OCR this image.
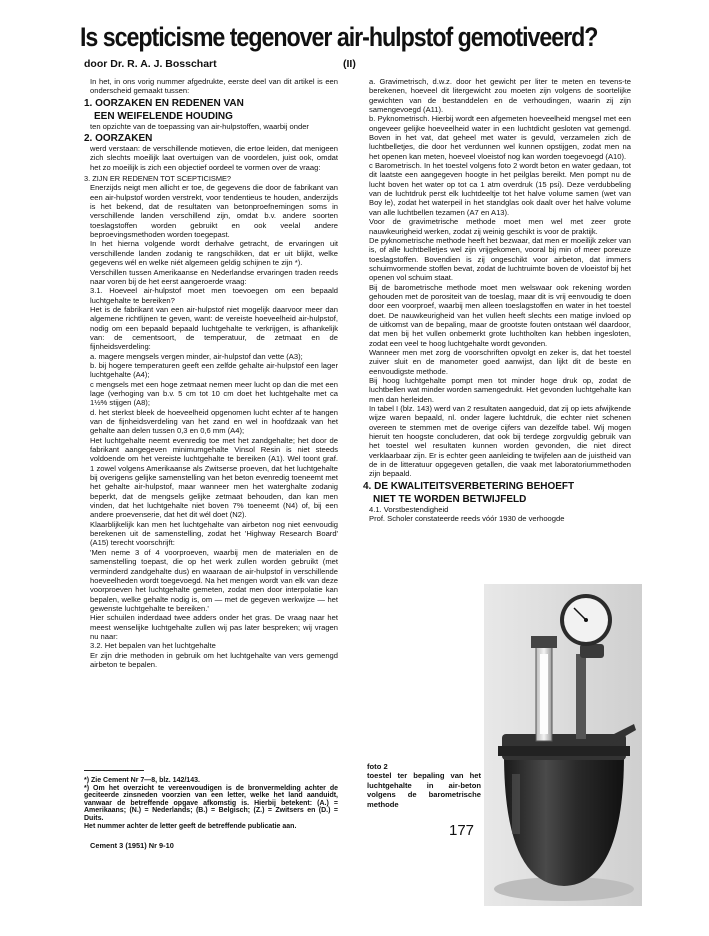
Is scepticisme tegenover air-hulpstof gemotiveerd?
door Dr. R. A. J. Bosschart	(II)

In het, in ons vorig nummer afgedrukte, eerste deel van dit artikel is een onderscheid gemaakt tussen:

1. OORZAKEN EN REDENEN VAN
EEN WEIFELENDE HOUDING

ten opzichte van de toepassing van air-hulpstoffen, waarbij onder

2. OORZAKEN

werd verstaan: de verschillende motieven, die ertoe leiden, dat menigeen zich slechts moeilijk laat overtuigen van de voordelen, juist ook, omdat het zo moeilijk is zich een objectief oordeel te vormen over de vraag:

3. ZIJN ER REDENEN TOT SCEPTICISME?

Enerzijds neigt men allicht er toe, de gegevens die door de fabrikant van een air-hulpstof worden verstrekt, voor tendentieus te houden, anderzijds is het bekend, dat de resultaten van betonproefnemingen soms in verschillende landen verschillend zijn, omdat b.v. andere soorten toeslagstoffen worden gebruikt en ook veelal andere beproevingsmethoden worden toegepast.

In het hierna volgende wordt derhalve getracht, de ervaringen uit verschillende landen zodanig te rangschikken, dat er uit blijkt, welke gegevens wél en welke niét algemeen geldig schijnen te zijn *).

Verschillen tussen Amerikaanse en Nederlandse ervaringen traden reeds naar voren bij de het eerst aangeroerde vraag:

3.1. Hoeveel air-hulpstof moet men toevoegen om een bepaald luchtgehalte te bereiken?

Het is de fabrikant van een air-hulpstof niet mogelijk daarvoor meer dan algemene richtlijnen te geven, want: de vereiste hoeveelheid air-hulpstof, nodig om een bepaald bepaald luchtgehalte te verkrijgen, is afhankelijk van: de cementsoort, de temperatuur, de zetmaat en de fijnheidsverdeling:

a. magere mengsels vergen minder, air-hulpstof dan vette (A3);

b. bij hogere temperaturen geeft een zelfde gehalte air-hulpstof een lager luchtgehalte (A4);

c mengsels met een hoge zetmaat nemen meer lucht op dan die met een lage (verhoging van b.v. 5 cm tot 10 cm doet het luchtgehalte met ca 1½% stijgen (A8);

d. het sterkst bleek de hoeveelheid opgenomen lucht echter af te hangen van de fijnheidsverdeling van het zand en wel in hoofdzaak van het gehalte aan delen tussen 0,3 en 0,6 mm (A4);

Het luchtgehalte neemt evenredig toe met het zandgehalte; het door de fabrikant aangegeven minimumgehalte Vinsol Resin is niet steeds voldoende om het vereiste luchtgehalte te bereiken (A1). Wel toont graf. 1 zowel volgens Amerikaanse als Zwitserse proeven, dat het luchtgehalte bij overigens gelijke samenstelling van het beton evenredig toeneemt met het gehalte air-hulpstof, maar wanneer men het waterghalte zodanig beperkt, dat de mengsels gelijke zetmaat behouden, dan kan men vinden, dat het luchtgehalte niet boven 7% toeneemt (N4) of, bij een andere proevenserie, dat het dit wél doet (N2).

Klaarblijkelijk kan men het luchtgehalte van airbeton nog niet eenvoudig berekenen uit de samenstelling, zodat het 'Highway Research Board' (A15) terecht voorschrijft:

'Men neme 3 of 4 voorproeven, waarbij men de materialen en de samenstelling toepast, die op het werk zullen worden gebruikt (met verminderd zandgehalte dus) en waaraan de air-hulpstof in verschillende hoeveelheden wordt toegevoegd. Na het mengen wordt van elk van deze voorproeven het luchtgehalte gemeten, zodat men door interpolatie kan bepalen, welke gehalte nodig is, om — met de gegeven werkwijze — het gewenste luchtgehalte te bereiken.'

Hier schuilen inderdaad twee adders onder het gras. De vraag naar het meest wenselijke luchtgehalte zullen wij pas later bespreken; wij vragen nu naar:

3.2. Het bepalen van het luchtgehalte

Er zijn drie methoden in gebruik om het luchtgehalte van vers gemengd airbeton te bepalen.

*) Zie Cement Nr 7—8, blz. 142/143.

*) Om het overzicht te vereenvoudigen is de bronvermelding achter de geciteerde zinsneden voorzien van een letter, welke het land aanduidt, vanwaar de betreffende opgave afkomstig is. Hierbij betekent: (A.) = Amerikaans; (N.) = Nederlands; (B.) = Belgisch; (Z.) = Zwitsers en (D.) = Duits.

Het nummer achter de letter geeft de betreffende publicatie aan.

a. Gravimetrisch, d.w.z. door het gewicht per liter te meten en tevens-te berekenen, hoeveel dit litergewicht zou moeten zijn volgens de soortelijke gewichten van de bestanddelen en de verhoudingen, waarin zij zijn samengevoegd (A11).

b. Pyknometrisch. Hierbij wordt een afgemeten hoeveelheid mengsel met een ongeveer gelijke hoeveelheid water in een luchtdicht gesloten vat gemengd. Boven in het vat, dat geheel met water is gevuld, verzamelen zich de luchtbelletjes, die door het verdunnen wel kunnen opstijgen, zodat men na het openen kan meten, hoeveel vloeistof nog kan worden toegevoegd (A10).

c Barometrisch. In het toestel volgens foto 2 wordt beton en water gedaan, tot dit laatste een aangegeven hoogte in het peilglas bereikt. Men pompt nu de lucht boven het water op tot ca 1 atm overdruk (15 psi). Deze verdubbeling van de luchtdruk perst elk luchtdeeltje tot het halve volume samen (wet van Boy le), zodat het waterpeil in het standglas ook daalt over het halve volume van alle luchtbellen tezamen (A7 en A13).

Voor de gravimetrische methode moet men wel met zeer grote nauwkeurigheid werken, zodat zij weinig geschikt is voor de praktijk.

De pyknometrische methode heeft het bezwaar, dat men er moeilijk zeker van is, of alle luchtbelletjes wel zijn vrijgekomen, vooral bij min of meer poreuze toeslagstoffen. Bovendien is zij ongeschikt voor airbeton, dat immers schuimvormende stoffen bevat, zodat de luchtruimte boven de vloeistof bij het openen vol schuim staat.

Bij de barometrische methode moet men welswaar ook rekening worden gehouden met de porositeit van de toeslag, maar dit is vrij eenvoudig te doen door een voorproef, waarbij men alleen toeslagstoffen en water in het toestel doet. De nauwkeurigheid van het vullen heeft slechts een matige invloed op de uitkomst van de bepaling, maar de grootste fouten ontstaan wél daardoor, dat men bij het vullen onbemerkt grote luchtholten kan hebben ingesloten, zodat een veel te hoog luchtgehalte wordt gevonden.

Wanneer men met zorg de voorschriften opvolgt en zeker is, dat het toestel zuiver sluit en de manometer goed aanwijst, dan lijkt dit de beste en eenvoudigste methode.

Bij hoog luchtgehalte pompt men tot minder hoge druk op, zodat de luchtbellen wat minder worden samengedrukt. Het gevonden luchtgehalte kan men dan herleiden.

In tabel I (blz. 143) werd van 2 resultaten aangeduid, dat zij op iets afwijkende wijze waren bepaald, nl. onder lagere luchtdruk, die echter niet schenen overeen te stemmen met de overige cijfers van dezelfde tabel. Wij mogen hieruit ten hoogste concluderen, dat ook bij terdege zorgvuldig gebruik van het toestel wel resultaten kunnen worden gevonden, die niet direct verklaarbaar zijn. Er is echter geen aanleiding te twijfelen aan de juistheid van de in de litteratuur opgegeven getallen, die vaak met laboratoriummethoden zijn bepaald.

4. DE KWALITEITSVERBETERING BEHOEFT
NIET TE WORDEN BETWIJFELD

4.1. Vorstbestendigheid

Prof. Scholer constateerde reeds vóór 1930 de verhoogde

foto 2
toestel ter bepaling van het luchtgehalte in air-beton volgens de barometrische methode
177
Cement 3 (1951) Nr 9-10
